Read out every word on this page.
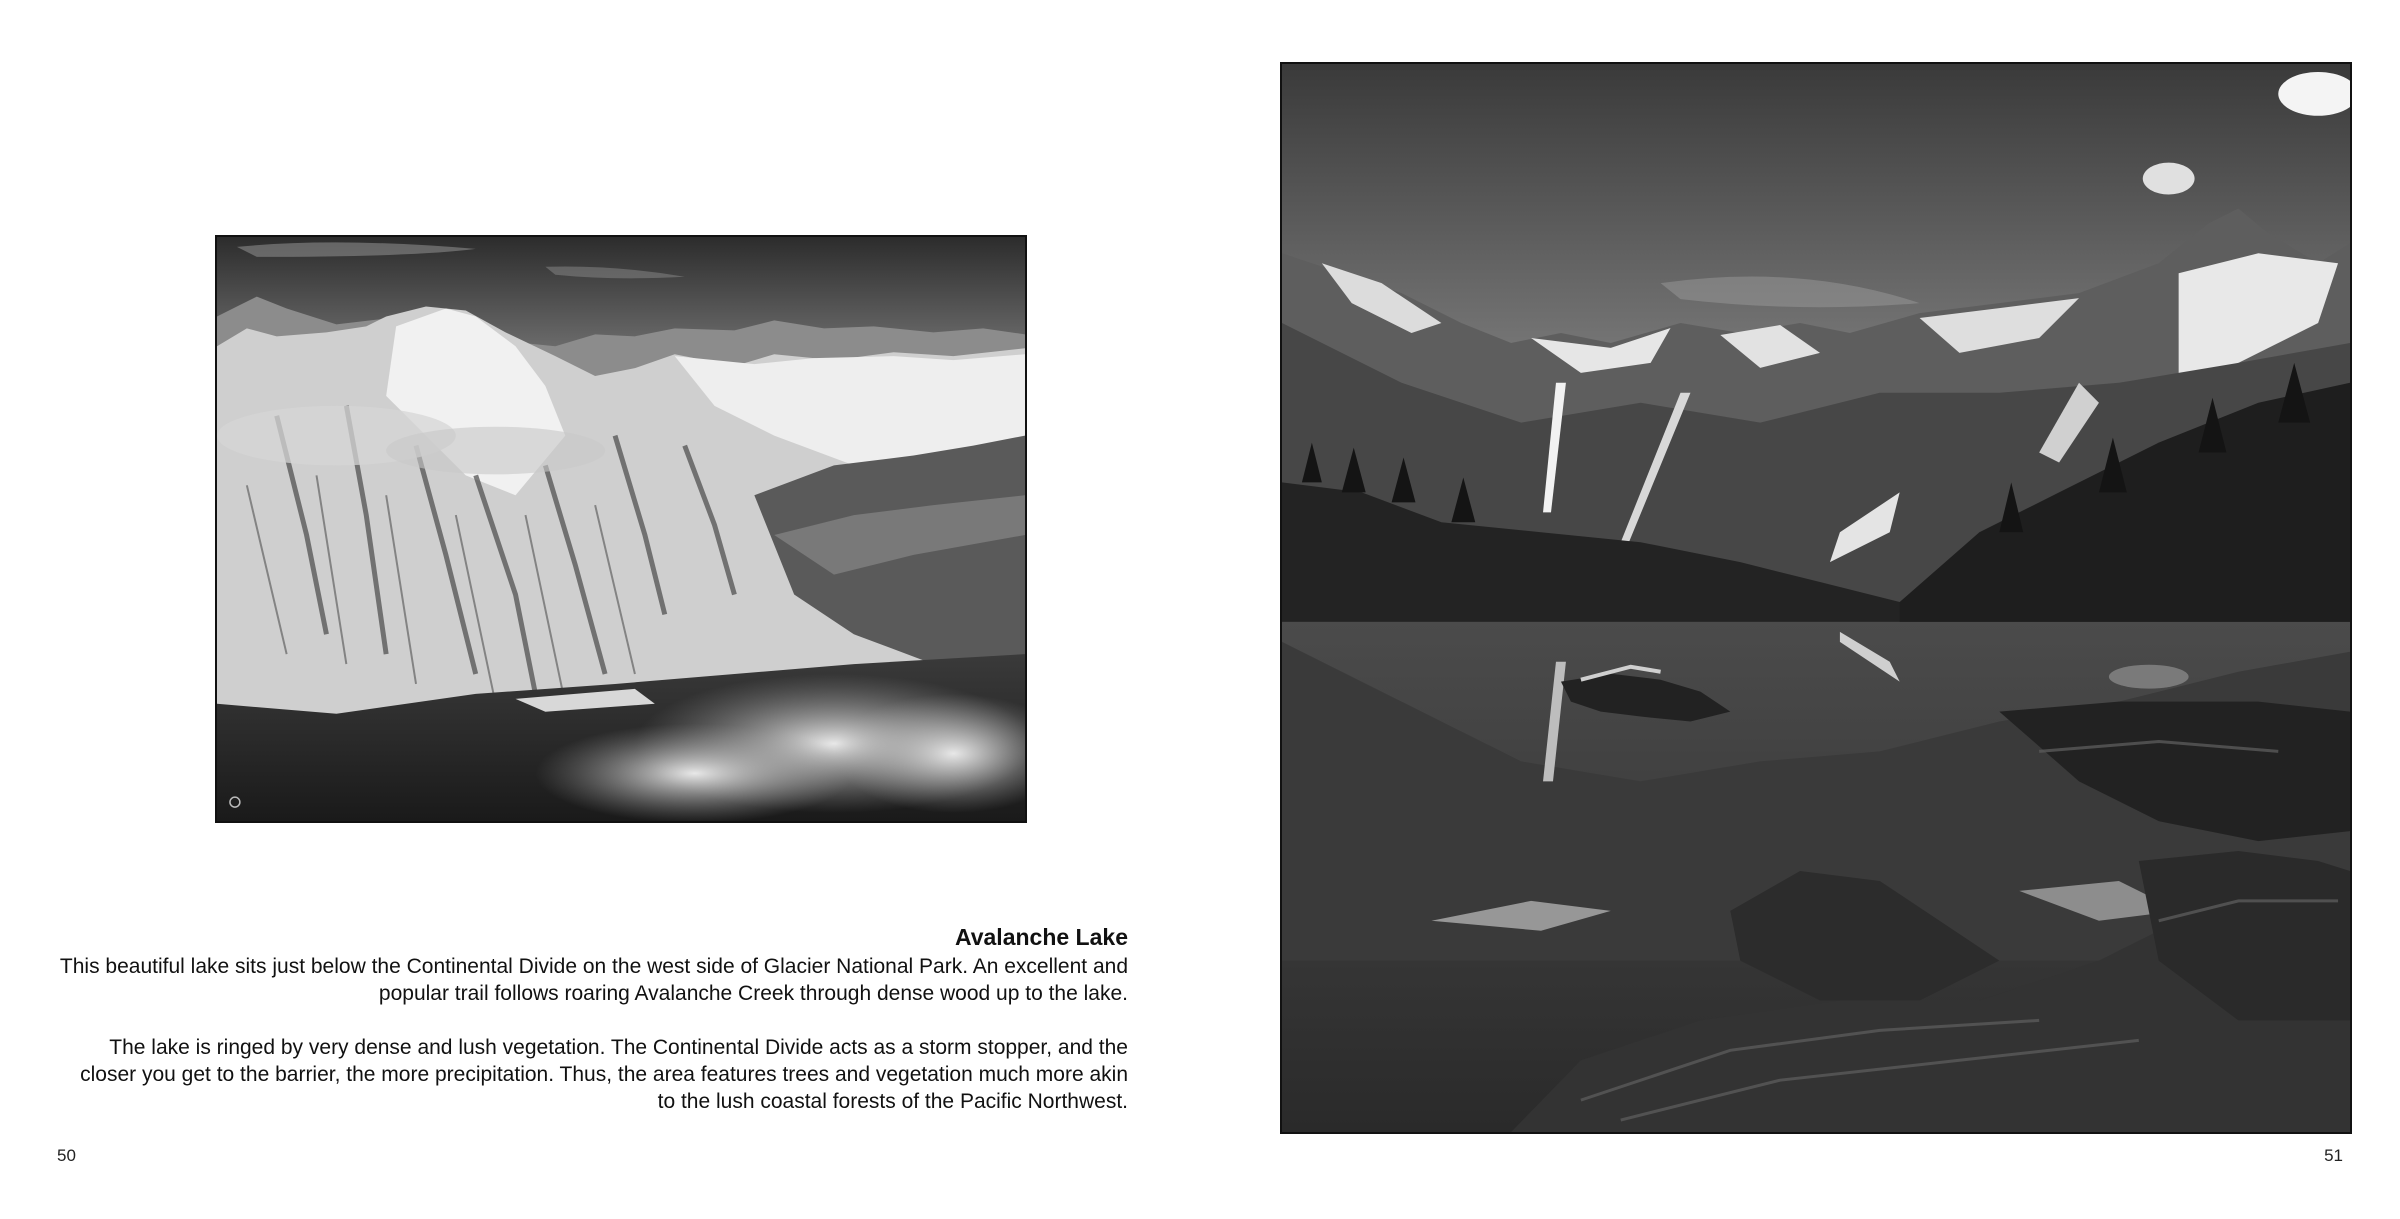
Avalanche Lake

This beautiful lake sits just below the Continental Divide on the west side of Glacier National Park. An excellent and popular trail follows roaring Avalanche Creek through dense wood up to the lake.

The lake is ringed by very dense and lush vegetation. The Continental Divide acts as a storm stopper, and the closer you get to the barrier, the more precipitation. Thus, the area features trees and vegetation much more akin to the lush coastal forests of the Pacific Northwest.

50	51
